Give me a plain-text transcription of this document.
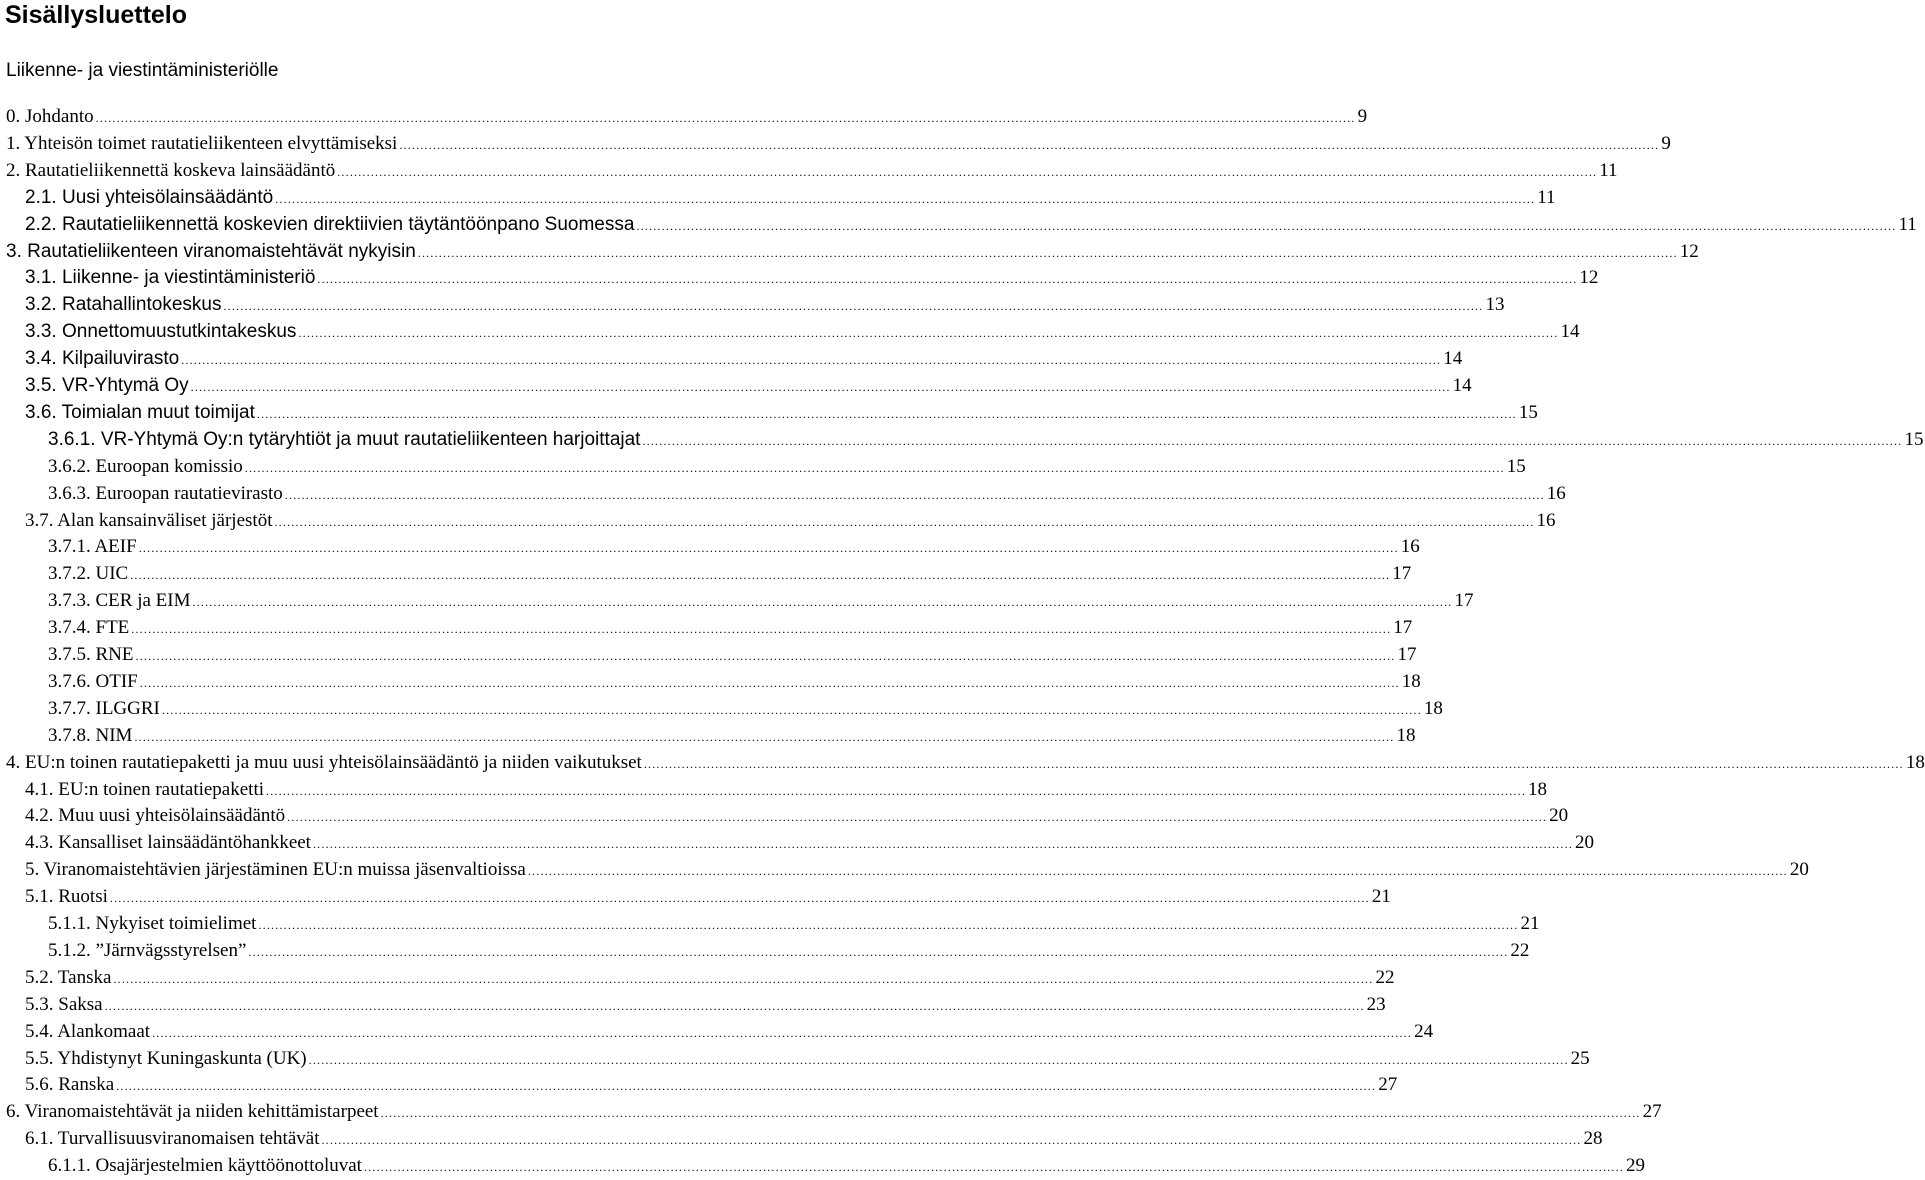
Sisällysluettelo
Liikenne- ja viestintäministeriölle
0. Johdanto .....	9
1. Yhteisön toimet rautatieliikenteen elvyttämiseksi .....	9
2. Rautatieliikennettä koskeva lainsäädäntö .....	11
2.1. Uusi yhteisölainsäädäntö .....	11
2.2. Rautatieliikennettä koskevien direktiivien täytäntöönpano Suomessa .....	11
3. Rautatieliikenteen viranomaistehtävät nykyisin .....	12
3.1. Liikenne- ja viestintäministeriö .....	12
3.2. Ratahallintokeskus .....	13
3.3. Onnettomuustutkintakeskus .....	14
3.4. Kilpailuvirasto .....	14
3.5. VR-Yhtymä Oy .....	14
3.6. Toimialan muut toimijat .....	15
3.6.1. VR-Yhtymä Oy:n tytäryhtiöt ja muut rautatieliikenteen harjoittajat .....	15
3.6.2. Euroopan komissio .....	15
3.6.3. Euroopan rautatievirasto .....	16
3.7. Alan kansainväliset järjestöt .....	16
3.7.1. AEIF .....	16
3.7.2. UIC .....	17
3.7.3. CER ja EIM .....	17
3.7.4. FTE .....	17
3.7.5. RNE .....	17
3.7.6. OTIF .....	18
3.7.7. ILGGRI .....	18
3.7.8. NIM .....	18
4. EU:n toinen rautatiepaketti ja muu uusi yhteisölainsäädäntö ja niiden vaikutukset .....	18
4.1. EU:n toinen rautatiepaketti .....	18
4.2. Muu uusi yhteisölainsäädäntö .....	20
4.3. Kansalliset lainsäädäntöhankkeet .....	20
5. Viranomaistehtävien järjestäminen EU:n muissa jäsenvaltioissa .....	20
5.1. Ruotsi .....	21
5.1.1. Nykyiset toimielimet .....	21
5.1.2. ”Järnvägsstyrelsen” .....	22
5.2. Tanska .....	22
5.3. Saksa .....	23
5.4. Alankomaat .....	24
5.5. Yhdistynyt Kuningaskunta (UK) .....	25
5.6. Ranska .....	27
6. Viranomaistehtävät ja niiden kehittämistarpeet .....	27
6.1. Turvallisuusviranomaisen tehtävät .....	28
6.1.1. Osajärjestelmien käyttöönottoluvat .....	29
